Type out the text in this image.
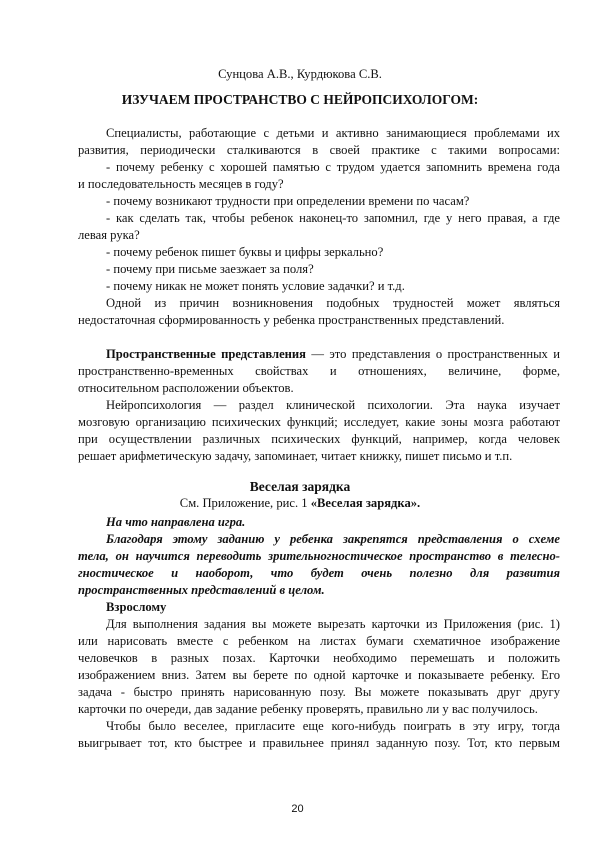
Сунцова А.В., Курдюкова С.В.
ИЗУЧАЕМ ПРОСТРАНСТВО С НЕЙРОПСИХОЛОГОМ:
Специалисты, работающие с детьми и активно занимающиеся проблемами их
развития, периодически сталкиваются в своей практике с такими вопросами:
- почему ребенку с хорошей памятью с трудом удается запомнить времена года
и последовательность месяцев в году?
- почему возникают трудности при определении времени по часам?
- как сделать так, чтобы ребенок наконец-то запомнил, где у него правая, а где
левая рука?
- почему ребенок пишет буквы и цифры зеркально?
- почему при письме заезжает за поля?
- почему никак не может понять условие задачки? и т.д.
Одной из причин возникновения подобных трудностей может являться
недостаточная сформированность у ребенка пространственных представлений.
Пространственные представления — это представления о пространственных и
пространственно-временных свойствах и отношениях, величине, форме,
относительном расположении объектов.
Нейропсихология — раздел клинической психологии. Эта наука изучает
мозговую организацию психических функций; исследует, какие зоны мозга работают
при осуществлении различных психических функций, например, когда человек
решает арифметическую задачу, запоминает, читает книжку, пишет письмо и т.п.
Веселая зарядка
См. Приложение, рис. 1 «Веселая зарядка».
На что направлена игра.
Благодаря этому заданию у ребенка закрепятся представления о схеме
тела, он научится переводить зрительногностическое пространство в телесно-
гностическое и наоборот, что будет очень полезно для развития
пространственных представлений в целом.
Взрослому
Для выполнения задания вы можете вырезать карточки из Приложения (рис. 1)
или нарисовать вместе с ребенком на листах бумаги схематичное изображение
человечков в разных позах. Карточки необходимо перемешать и положить
изображением вниз. Затем вы берете по одной карточке и показываете ребенку. Его
задача - быстро принять нарисованную позу. Вы можете показывать друг другу
карточки по очереди, дав задание ребенку проверять, правильно ли у вас получилось.
Чтобы было веселее, пригласите еще кого-нибудь поиграть в эту игру, тогда
выигрывает тот, кто быстрее и правильнее принял заданную позу. Тот, кто первым
20
